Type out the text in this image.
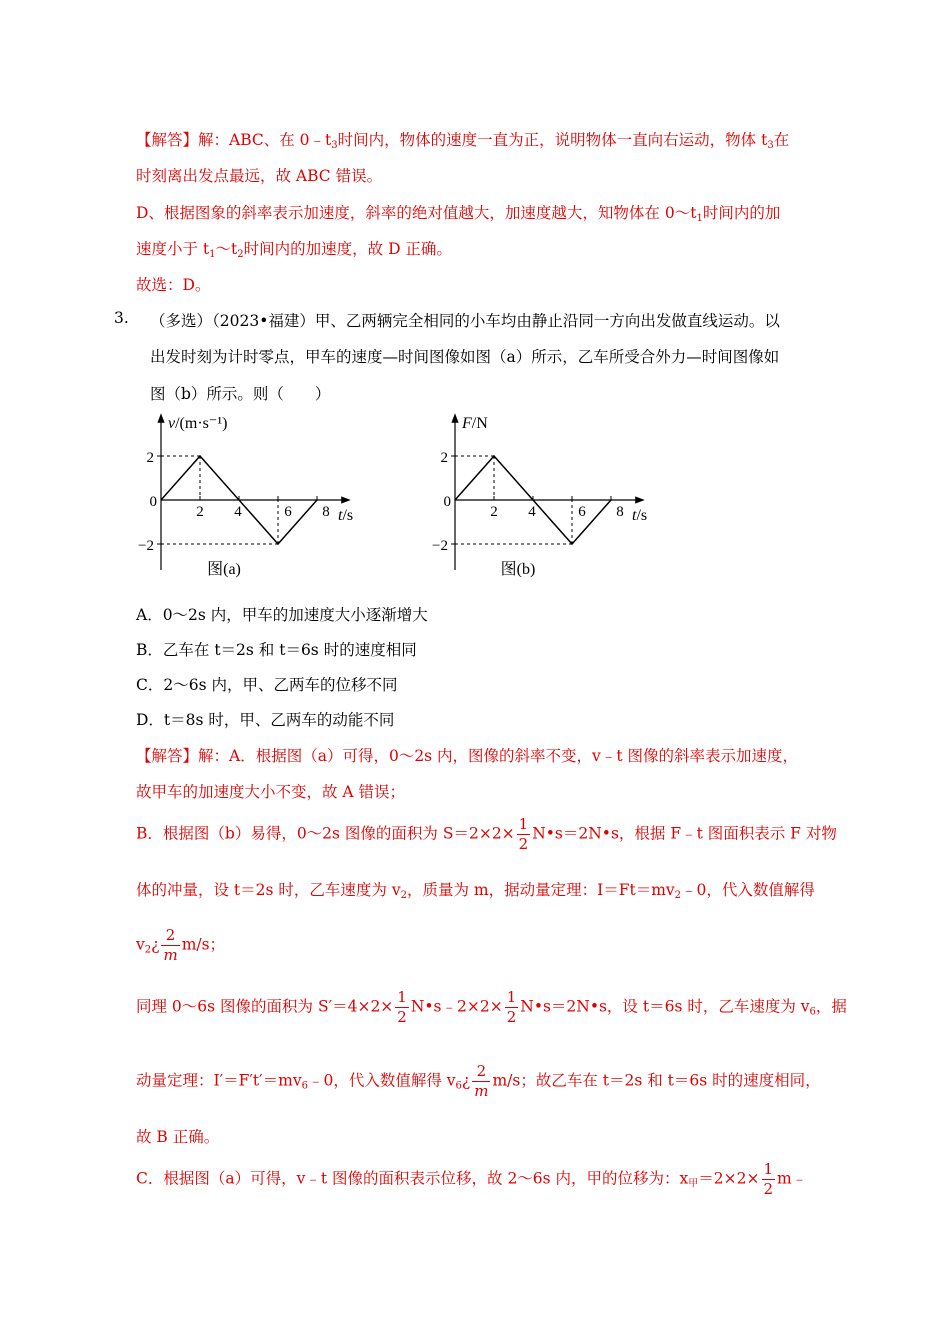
【解答】解：ABC、在 $0﹣t_3$时间内，物体的速度一直为正，说明物体一直向右运动，物体 $t_3$在
时刻离出发点最远，故 ABC 错误。
D、根据图象的斜率表示加速度，斜率的绝对值越大，加速度越大，知物体在 $0\sim t_1$时间内的加
速度小于 $t_1\sim t_2$时间内的加速度，故 D 正确。
故选：D。
3. （多选）（2023•福建）甲、乙两辆完全相同的小车均由静止沿同一方向出发做直线运动。以
出发时刻为计时零点，甲车的速度—时间图像如图（a）所示，乙车所受合外力—时间图像如
图（b）所示。则（　　）
v/(m·s⁻¹)
t/s
2
0
−2
2 4	6 8
图(a)
F/N
t/s
2
0
−2
2 4	6 8
图(b)
A．0～2s 内，甲车的加速度大小逐渐增大
B．乙车在 t＝2s 和 t＝6s 时的速度相同
C．2～6s 内，甲、乙两车的位移不同
D．t＝8s 时，甲、乙两车的动能不同
【解答】解：A．根据图（a）可得，0～2s 内，图像的斜率不变，v﹣t 图像的斜率表示加速度，
故甲车的加速度大小不变，故 A 错误；
B．根据图（b）易得，0～2s 图像的面积为 $S=2\times 2\times \frac{1}{2}$ N•s＝2N•s，根据 F﹣t 图面积表示 F 对物
体的冲量，设 t＝2s 时，乙车速度为 $v_2$，质量为 m，据动量定理：$I=Ft=mv_2﹣0$，代入数值解得
$v_2¿ \frac{2}{m} m/s$；
同理 0～6s 图像的面积为 $S'=4\times 2\times \frac{1}{2}$ N•s﹣2×2× $\frac{1}{2}$ N•s＝2N•s，设 t＝6s 时，乙车速度为 $v_6$，据
动量定理：$I'=F't'=mv_6﹣0$，代入数值解得 $v_6¿ \frac{2}{m} m/s$；故乙车在 t＝2s 和 t＝6s 时的速度相同，
故 B 正确。
C．根据图（a）可得，v﹣t 图像的面积表示位移，故 2～6s 内，甲的位移为：$x_甲=2\times 2\times \frac{1}{2}$ m﹣
